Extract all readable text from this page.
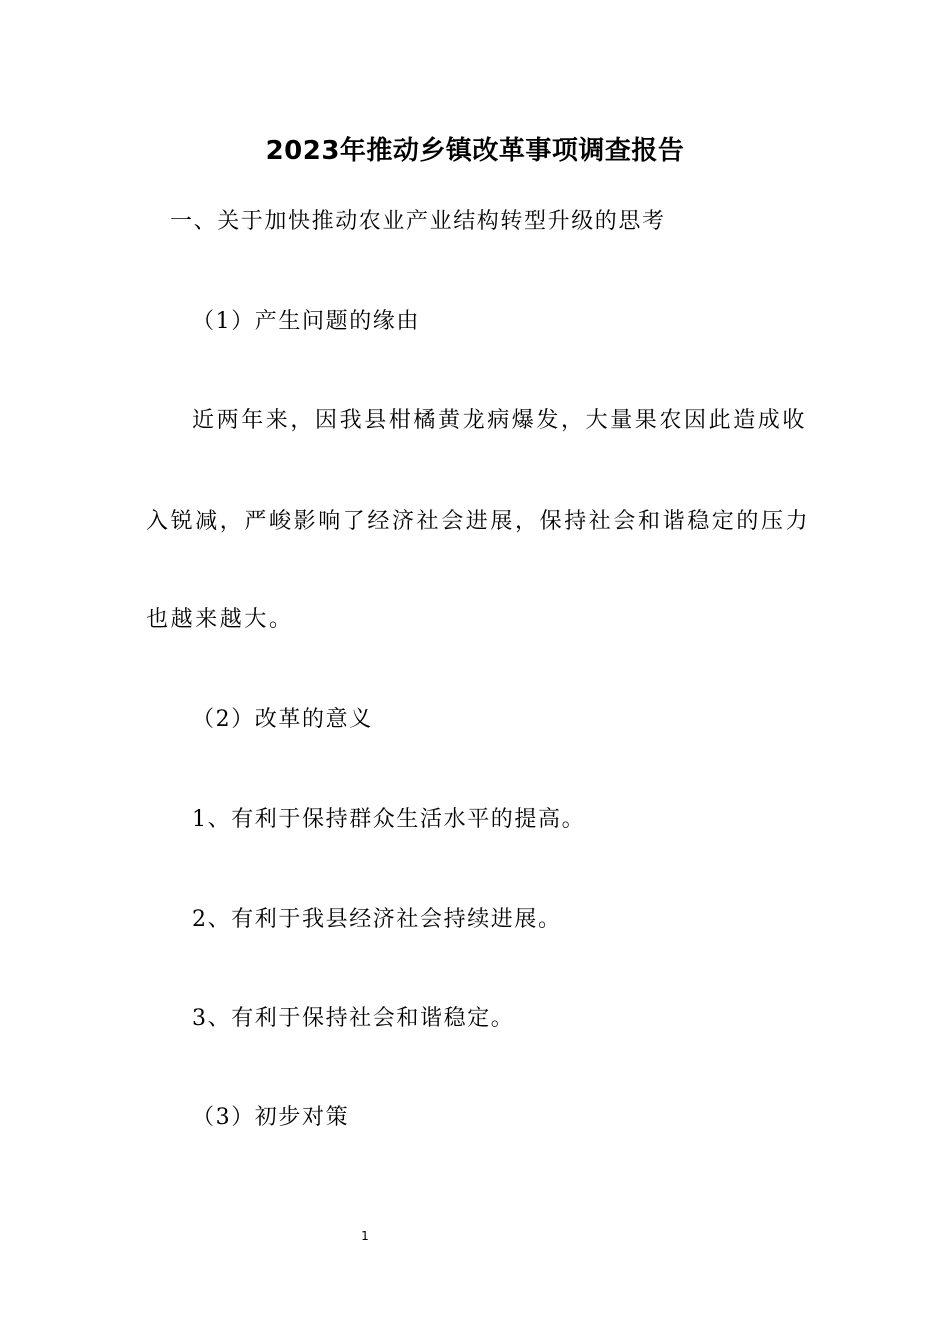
2023年推动乡镇改革事项调查报告
一、关于加快推动农业产业结构转型升级的思考
（1）产生问题的缘由
近两年来，因我县柑橘黄龙病爆发，大量果农因此造成收
入锐减，严峻影响了经济社会进展，保持社会和谐稳定的压力
也越来越大。
（2）改革的意义
1、有利于保持群众生活水平的提高。
2、有利于我县经济社会持续进展。
3、有利于保持社会和谐稳定。
（3）初步对策
1
